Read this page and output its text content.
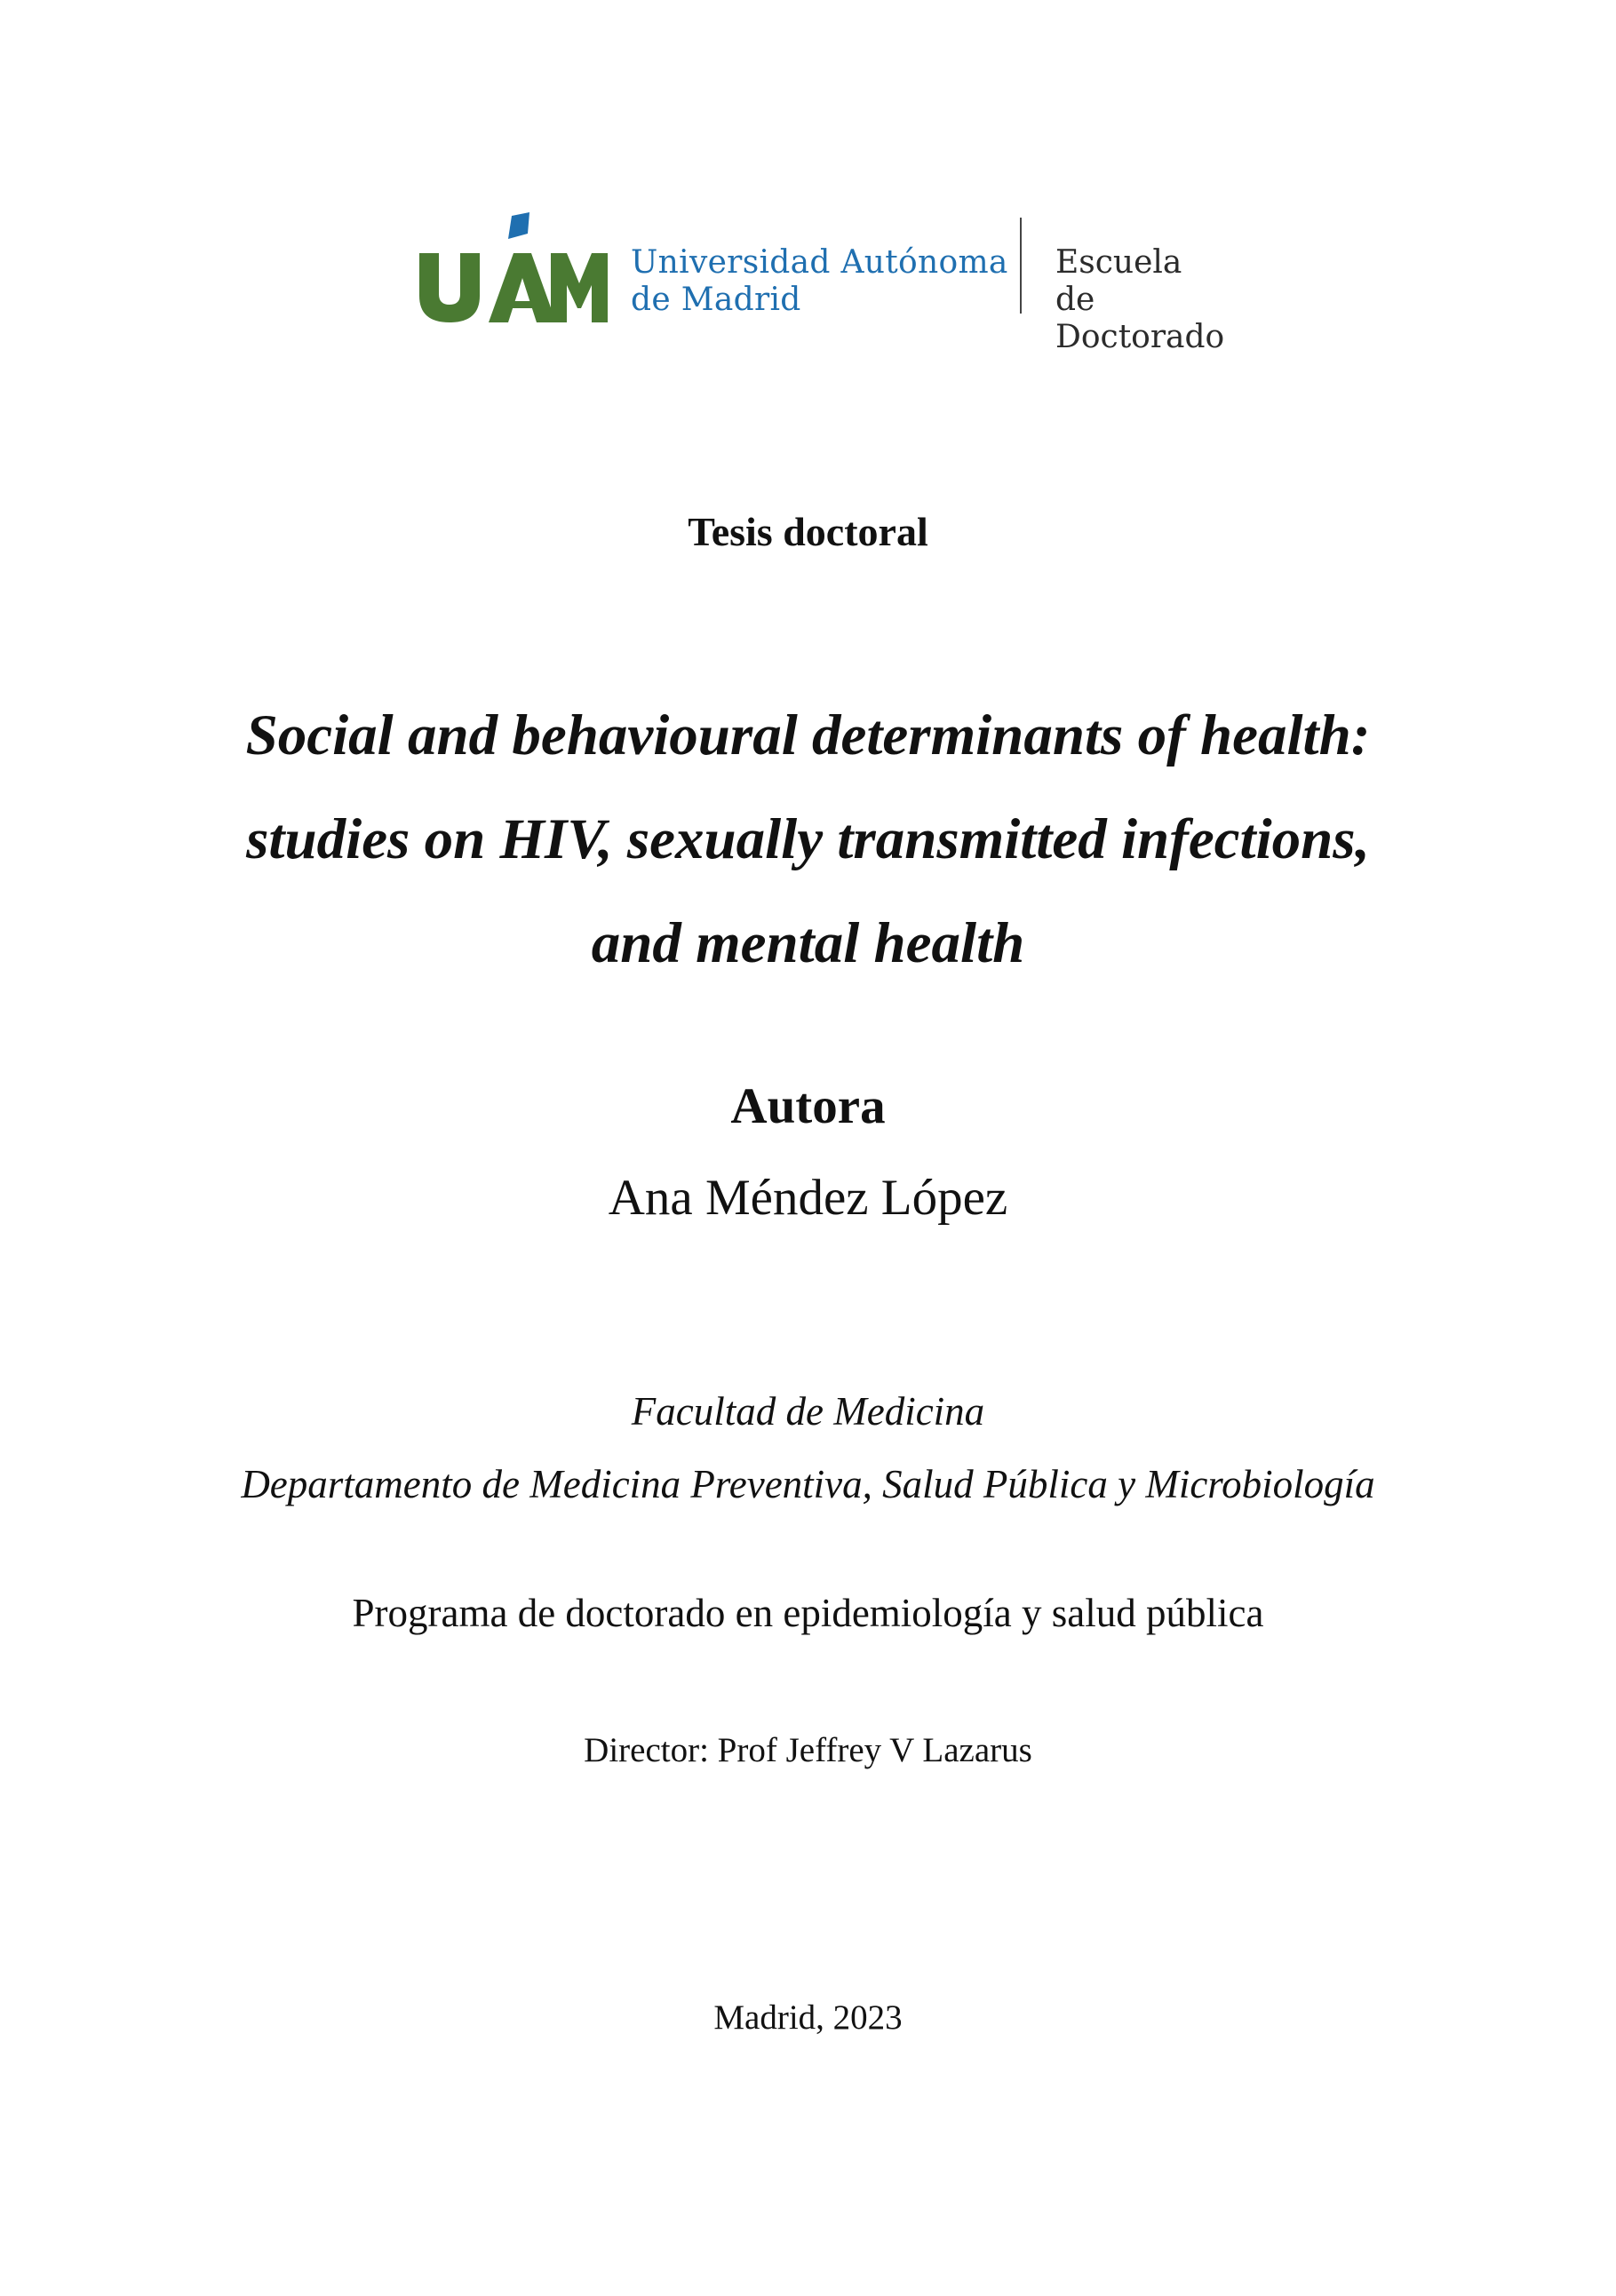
Universidad Autónoma
de Madrid
Escuela
de Doctorado
Tesis doctoral
Social and behavioural determinants of health:
studies on HIV, sexually transmitted infections,
and mental health
Autora
Ana Méndez López
Facultad de Medicina
Departamento de Medicina Preventiva, Salud Pública y Microbiología
Programa de doctorado en epidemiología y salud pública
Director: Prof Jeffrey V Lazarus
Madrid, 2023
